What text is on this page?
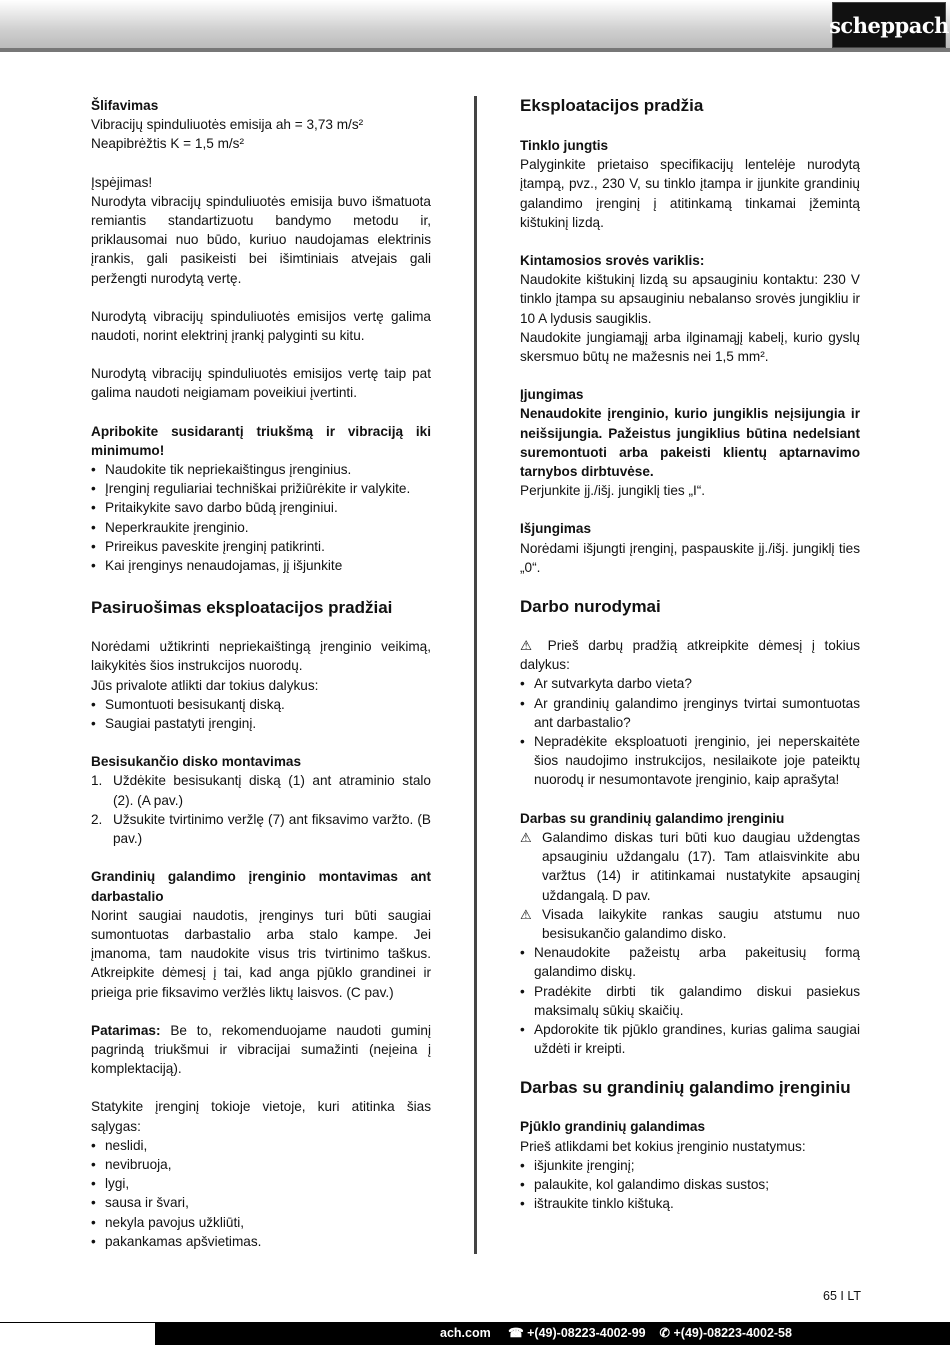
scheppach

Šlifavimas

Vibracijų spinduliuotės emisija ah = 3,73 m/s²

Neapibrėžtis K = 1,5 m/s²

Įspėjimas!

Nurodyta vibracijų spinduliuotės emisija buvo išmatuota remiantis standartizuotu bandymo metodu ir, priklausomai nuo būdo, kuriuo naudojamas elektrinis įrankis, gali pasikeisti bei išimtiniais atvejais gali peržengti nurodytą vertę.

Nurodytą vibracijų spinduliuotės emisijos vertę galima naudoti, norint elektrinį įrankį palyginti su kitu.

Nurodytą vibracijų spinduliuotės emisijos vertę taip pat galima naudoti neigiamam poveikiui įvertinti.

Apribokite susidarantį triukšmą ir vibraciją iki minimumo!

• Naudokite tik nepriekaištingus įrenginius.
• Įrenginį reguliariai techniškai prižiūrėkite ir valykite.
• Pritaikykite savo darbo būdą įrenginiui.
• Neperkraukite įrenginio.
• Prireikus paveskite įrenginį patikrinti.
• Kai įrenginys nenaudojamas, jį išjunkite
Pasiruošimas eksploatacijos pradžiai

Norėdami užtikrinti nepriekaištingą įrenginio veikimą, laikykitės šios instrukcijos nuorodų.

Jūs privalote atlikti dar tokius dalykus:

• Sumontuoti besisukantį diską.
• Saugiai pastatyti įrenginį.

Besisukančio disko montavimas

1. Uždėkite besisukantį diską (1) ant atraminio stalo (2). (A pav.)
2. Užsukite tvirtinimo veržlę (7) ant fiksavimo varžto. (B pav.)

Grandinių galandimo įrenginio montavimas ant darbastalio

Norint saugiai naudotis, įrenginys turi būti saugiai sumontuotas darbastalio arba stalo kampe. Jei įmanoma, tam naudokite visus tris tvirtinimo taškus. Atkreipkite dėmesį į tai, kad anga pjūklo grandinei ir prieiga prie fiksavimo veržlės liktų laisvos. (C pav.)

Patarimas: Be to, rekomenduojame naudoti guminį pagrindą triukšmui ir vibracijai sumažinti (neįeina į komplektaciją).

Statykite įrenginį tokioje vietoje, kuri atitinka šias sąlygas:

• neslidi,
• nevibruoja,
• lygi,
• sausa ir švari,
• nekyla pavojus užkliūti,
• pakankamas apšvietimas.
Eksploatacijos pradžia

Tinklo jungtis

Palyginkite prietaiso specifikacijų lentelėje nurodytą įtampą, pvz., 230 V, su tinklo įtampa ir įjunkite grandinių galandimo įrenginį į atitinkamą tinkamai įžemintą kištukinį lizdą.

Kintamosios srovės variklis:

Naudokite kištukinį lizdą su apsauginiu kontaktu: 230 V tinklo įtampa su apsauginiu nebalanso srovės jungikliu ir 10 A lydusis saugiklis.

Naudokite jungiamąjį arba ilginamąjį kabelį, kurio gyslų skersmuo būtų ne mažesnis nei 1,5 mm².

Įjungimas

Nenaudokite įrenginio, kurio jungiklis neįsijungia ir neišsijungia. Pažeistus jungiklius būtina nedelsiant suremontuoti arba pakeisti klientų aptarnavimo tarnybos dirbtuvėse.

Perjunkite įj./išj. jungiklį ties „I“.

Išjungimas

Norėdami išjungti įrenginį, paspauskite įj./išj. jungiklį ties „0“.

Darbo nurodymai

⚠ Prieš darbų pradžią atkreipkite dėmesį į tokius dalykus:

• Ar sutvarkyta darbo vieta?
• Ar grandinių galandimo įrenginys tvirtai sumontuotas ant darbastalio?
• Nepradėkite eksploatuoti įrenginio, jei neperskaitėte šios naudojimo instrukcijos, nesilaikote joje pateiktų nuorodų ir nesumontavote įrenginio, kaip aprašyta!

Darbas su grandinių galandimo įrenginiu

⚠ Galandimo diskas turi būti kuo daugiau uždengtas apsauginiu uždangalu (17). Tam atlaisvinkite abu varžtus (14) ir atitinkamai nustatykite apsauginį uždangalą. D pav.
⚠ Visada laikykite rankas saugiu atstumu nuo besisukančio galandimo disko.
• Nenaudokite pažeistų arba pakeitusių formą galandimo diskų.
• Pradėkite dirbti tik galandimo diskui pasiekus maksimalų sūkių skaičių.
• Apdorokite tik pjūklo grandines, kurias galima saugiai uždėti ir kreipti.
Darbas su grandinių galandimo įrenginiu

Pjūklo grandinių galandimas

Prieš atlikdami bet kokius įrenginio nustatymus:

• išjunkite įrenginį;
• palaukite, kol galandimo diskas sustos;
• ištraukite tinklo kištuką.
65 I LT
ach.com ☎ +(49)-08223-4002-99 ✆ +(49)-08223-4002-58
